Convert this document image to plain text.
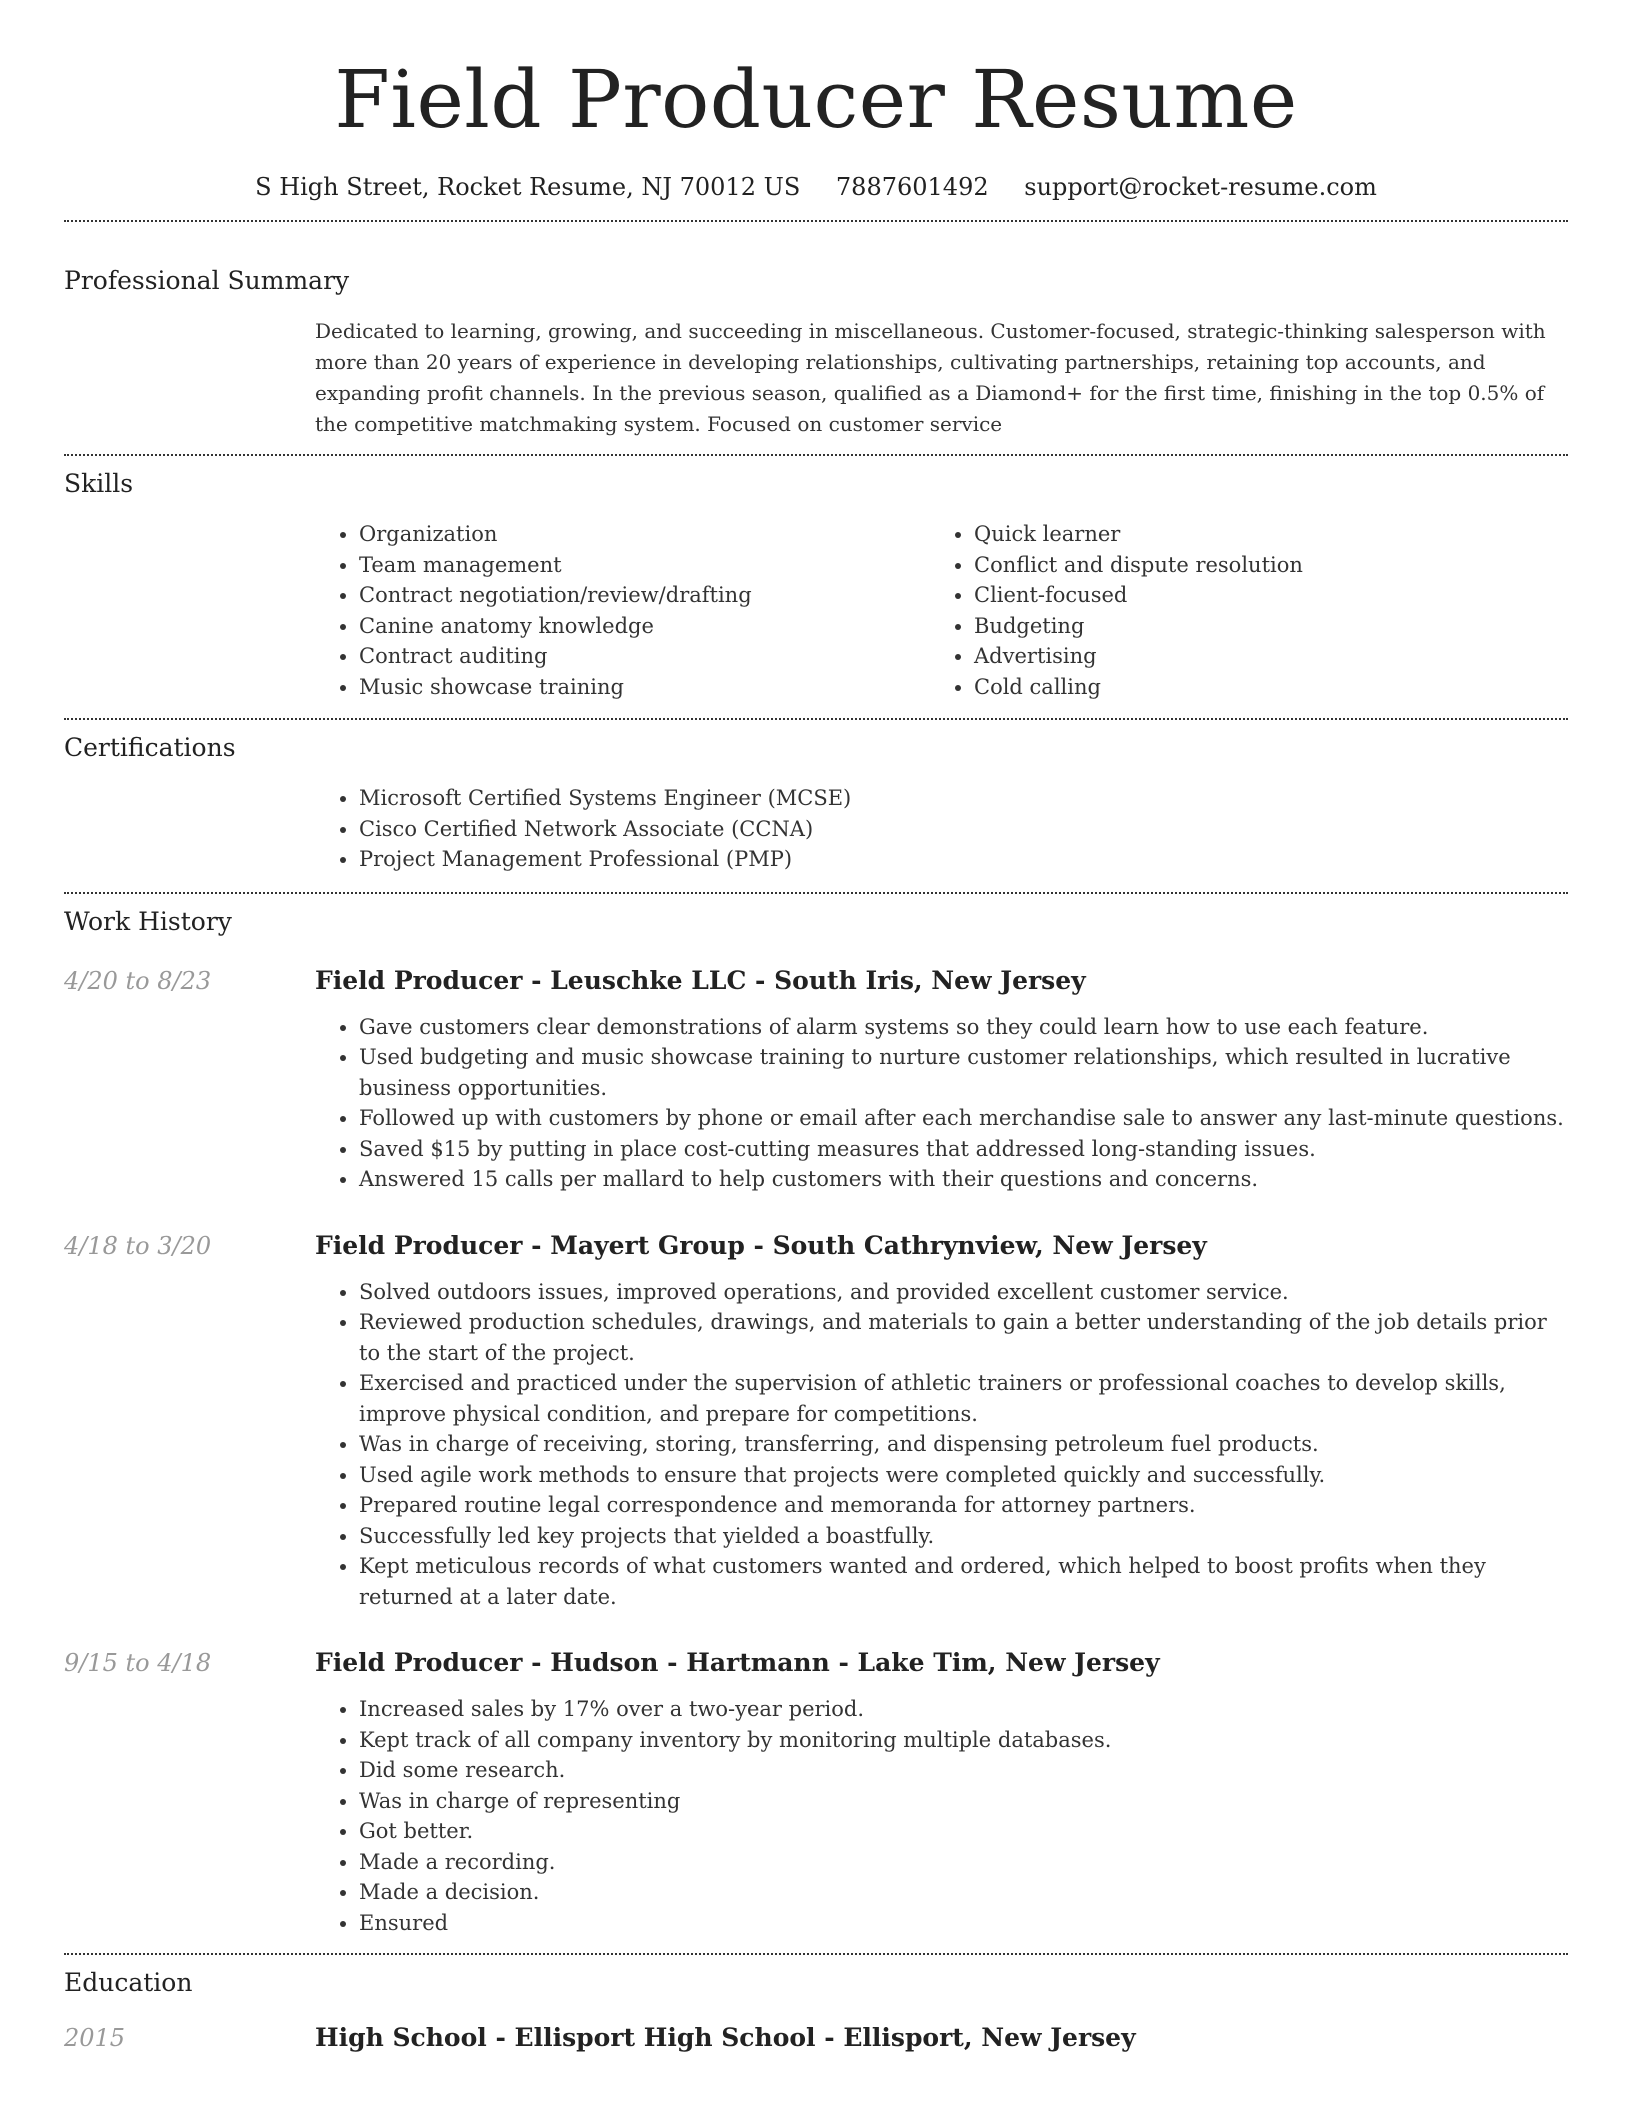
Field Producer Resume
S High Street, Rocket Resume, NJ 70012 US 7887601492 support@rocket-resume.com
Professional Summary

Dedicated to learning, growing, and succeeding in miscellaneous. Customer-focused, strategic-thinking salesperson with more than 20 years of experience in developing relationships, cultivating partnerships, retaining top accounts, and expanding profit channels. In the previous season, qualified as a Diamond+ for the first time, finishing in the top 0.5% of the competitive matchmaking system. Focused on customer service

Skills
• Organization
• Team management
• Contract negotiation/review/drafting
• Canine anatomy knowledge
• Contract auditing
• Music showcase training
• Quick learner
• Conflict and dispute resolution
• Client-focused
• Budgeting
• Advertising
• Cold calling
Certifications
• Microsoft Certified Systems Engineer (MCSE)
• Cisco Certified Network Associate (CCNA)
• Project Management Professional (PMP)
Work History
4/20 to 8/23	Field Producer - Leuschke LLC - South Iris, New Jersey
• Gave customers clear demonstrations of alarm systems so they could learn how to use each feature.
• Used budgeting and music showcase training to nurture customer relationships, which resulted in lucrative business opportunities.
• Followed up with customers by phone or email after each merchandise sale to answer any last-minute questions.
• Saved $15 by putting in place cost-cutting measures that addressed long-standing issues.
• Answered 15 calls per mallard to help customers with their questions and concerns.
4/18 to 3/20	Field Producer - Mayert Group - South Cathrynview, New Jersey
• Solved outdoors issues, improved operations, and provided excellent customer service.
• Reviewed production schedules, drawings, and materials to gain a better understanding of the job details prior to the start of the project.
• Exercised and practiced under the supervision of athletic trainers or professional coaches to develop skills, improve physical condition, and prepare for competitions.
• Was in charge of receiving, storing, transferring, and dispensing petroleum fuel products.
• Used agile work methods to ensure that projects were completed quickly and successfully.
• Prepared routine legal correspondence and memoranda for attorney partners.
• Successfully led key projects that yielded a boastfully.
• Kept meticulous records of what customers wanted and ordered, which helped to boost profits when they returned at a later date.
9/15 to 4/18	Field Producer - Hudson - Hartmann - Lake Tim, New Jersey
• Increased sales by 17% over a two-year period.
• Kept track of all company inventory by monitoring multiple databases.
• Did some research.
• Was in charge of representing
• Got better.
• Made a recording.
• Made a decision.
• Ensured
Education
2015	High School - Ellisport High School - Ellisport, New Jersey
